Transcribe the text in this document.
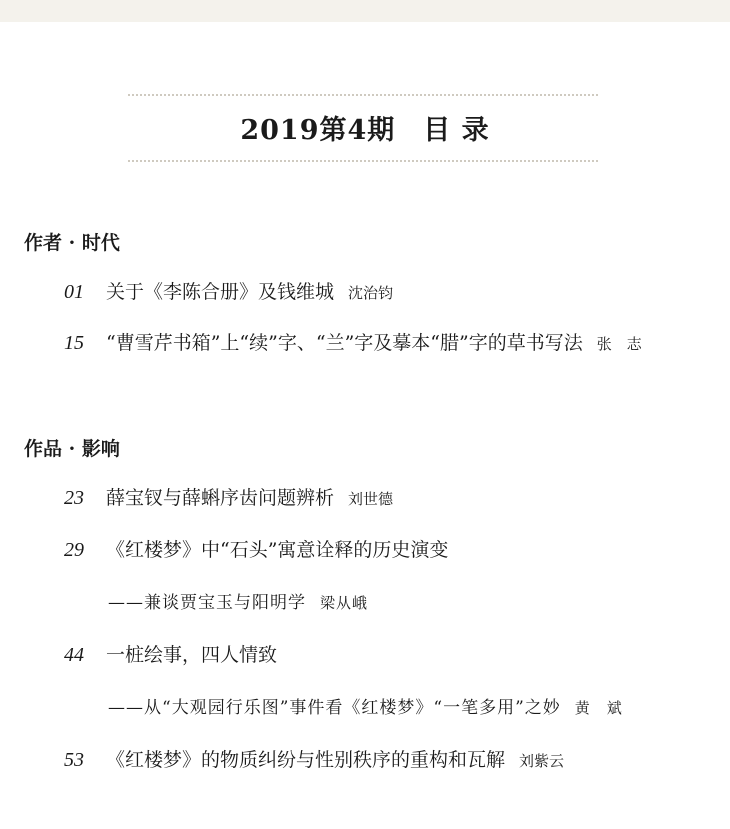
2019第4期　目 录
作者 · 时代
01 关于《李陈合册》及钱维城 沈治钧
15 “曹雪芹书箱”上“续”字、“兰”字及摹本“腊”字的草书写法 张　志
作品 · 影响
23 薛宝钗与薛蝌序齿问题辨析 刘世德
29 《红楼梦》中“石头”寓意诠释的历史演变
——兼谈贾宝玉与阳明学 梁从峨
44 一桩绘事，四人情致
——从“大观园行乐图”事件看《红楼梦》“一笔多用”之妙 黄　斌
53 《红楼梦》的物质纠纷与性别秩序的重构和瓦解 刘紫云
